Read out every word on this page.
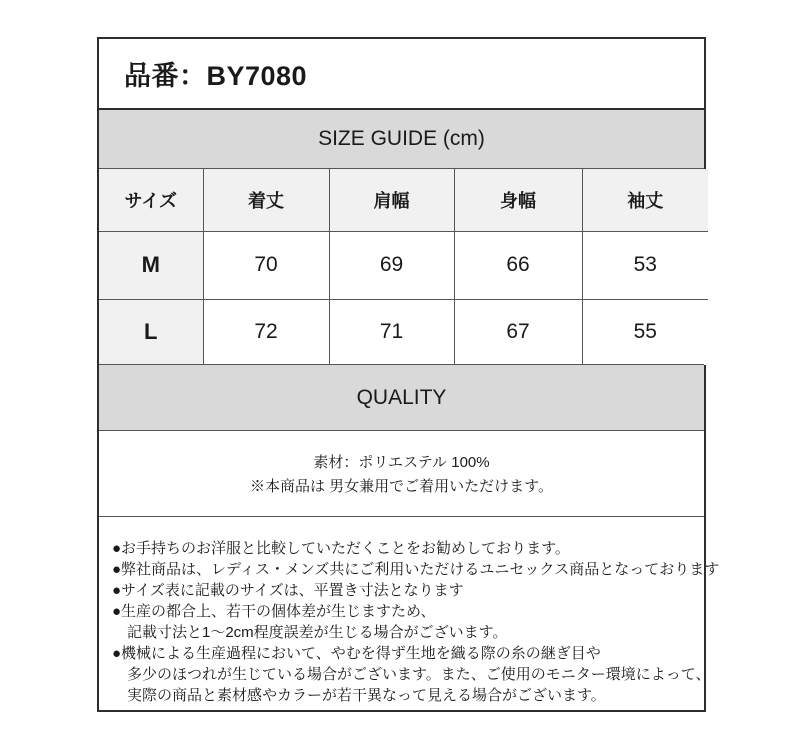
品番：BY7080
SIZE GUIDE (cm)
サイズ	着丈	肩幅	身幅	袖丈
M	70	69	66	53
L	72	71	67	55
QUALITY
素材：ポリエステル 100%
※本商品は 男女兼用でご着用いただけます。
●お手持ちのお洋服と比較していただくことをお勧めしております。
●弊社商品は、レディス・メンズ共にご利用いただけるユニセックス商品となっております
●サイズ表に記載のサイズは、平置き寸法となります
●生産の都合上、若干の個体差が生じますため、
記載寸法と1～2cm程度誤差が生じる場合がございます。
●機械による生産過程において、やむを得ず生地を織る際の糸の継ぎ目や
多少のほつれが生じている場合がございます。また、ご使用のモニター環境によって、
実際の商品と素材感やカラーが若干異なって見える場合がございます。
